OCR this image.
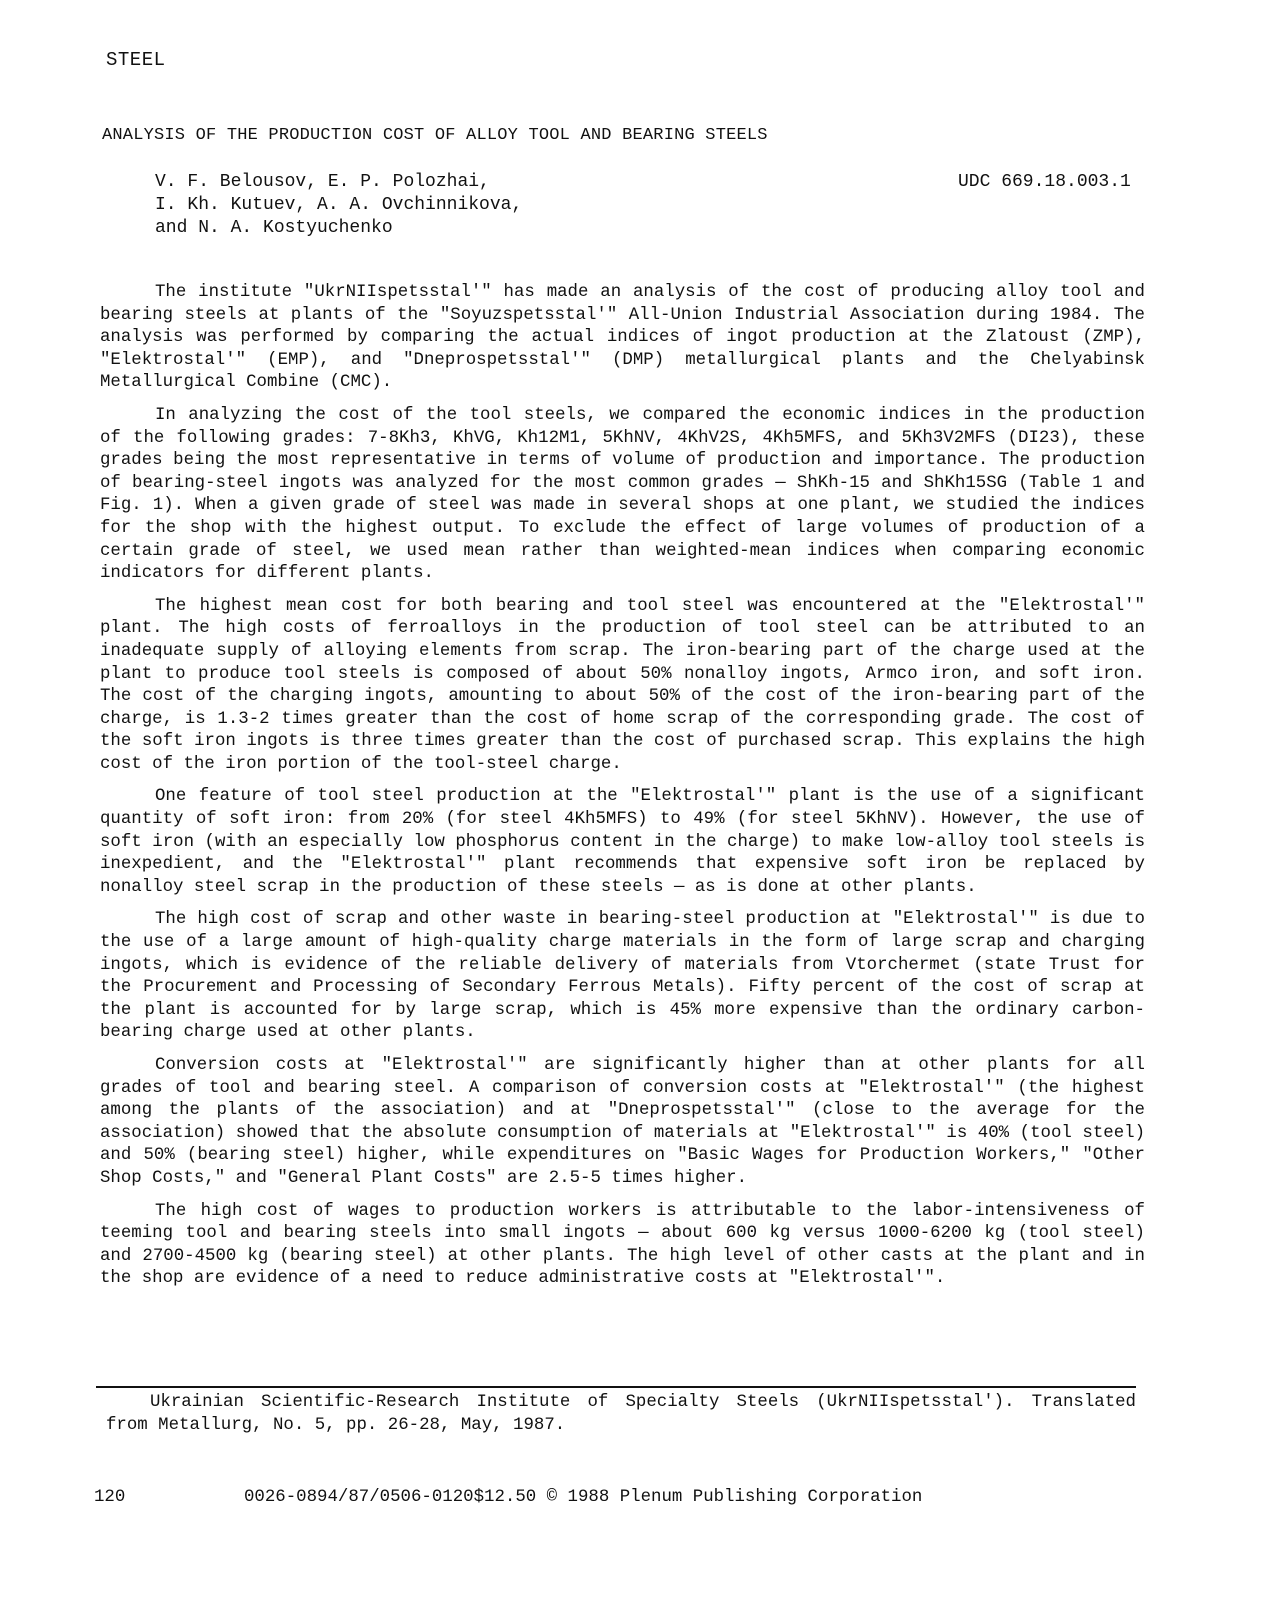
STEEL
ANALYSIS OF THE PRODUCTION COST OF ALLOY TOOL AND BEARING STEELS
V. F. Belousov, E. P. Polozhai,
I. Kh. Kutuev, A. A. Ovchinnikova,
and N. A. Kostyuchenko
UDC 669.18.003.1

The institute "UkrNIIspetsstal'" has made an analysis of the cost of producing alloy tool and bearing steels at plants of the "Soyuzspetsstal'" All-Union Industrial Association during 1984. The analysis was performed by comparing the actual indices of ingot production at the Zlatoust (ZMP), "Elektrostal'" (EMP), and "Dneprospetsstal'" (DMP) metallurgical plants and the Chelyabinsk Metallurgical Combine (CMC).

In analyzing the cost of the tool steels, we compared the economic indices in the production of the following grades: 7-8Kh3, KhVG, Kh12M1, 5KhNV, 4KhV2S, 4Kh5MFS, and 5Kh3V2MFS (DI23), these grades being the most representative in terms of volume of production and importance. The production of bearing-steel ingots was analyzed for the most common grades — ShKh-15 and ShKh15SG (Table 1 and Fig. 1). When a given grade of steel was made in several shops at one plant, we studied the indices for the shop with the highest output. To exclude the effect of large volumes of production of a certain grade of steel, we used mean rather than weighted-mean indices when comparing economic indicators for different plants.

The highest mean cost for both bearing and tool steel was encountered at the "Elektrostal'" plant. The high costs of ferroalloys in the production of tool steel can be attributed to an inadequate supply of alloying elements from scrap. The iron-bearing part of the charge used at the plant to produce tool steels is composed of about 50% nonalloy ingots, Armco iron, and soft iron. The cost of the charging ingots, amounting to about 50% of the cost of the iron-bearing part of the charge, is 1.3-2 times greater than the cost of home scrap of the corresponding grade. The cost of the soft iron ingots is three times greater than the cost of purchased scrap. This explains the high cost of the iron portion of the tool-steel charge.

One feature of tool steel production at the "Elektrostal'" plant is the use of a significant quantity of soft iron: from 20% (for steel 4Kh5MFS) to 49% (for steel 5KhNV). However, the use of soft iron (with an especially low phosphorus content in the charge) to make low-alloy tool steels is inexpedient, and the "Elektrostal'" plant recommends that expensive soft iron be replaced by nonalloy steel scrap in the production of these steels — as is done at other plants.

The high cost of scrap and other waste in bearing-steel production at "Elektrostal'" is due to the use of a large amount of high-quality charge materials in the form of large scrap and charging ingots, which is evidence of the reliable delivery of materials from Vtorchermet (state Trust for the Procurement and Processing of Secondary Ferrous Metals). Fifty percent of the cost of scrap at the plant is accounted for by large scrap, which is 45% more expensive than the ordinary carbon-bearing charge used at other plants.

Conversion costs at "Elektrostal'" are significantly higher than at other plants for all grades of tool and bearing steel. A comparison of conversion costs at "Elektrostal'" (the highest among the plants of the association) and at "Dneprospetsstal'" (close to the average for the association) showed that the absolute consumption of materials at "Elektrostal'" is 40% (tool steel) and 50% (bearing steel) higher, while expenditures on "Basic Wages for Production Workers," "Other Shop Costs," and "General Plant Costs" are 2.5-5 times higher.

The high cost of wages to production workers is attributable to the labor-intensiveness of teeming tool and bearing steels into small ingots — about 600 kg versus 1000-6200 kg (tool steel) and 2700-4500 kg (bearing steel) at other plants. The high level of other casts at the plant and in the shop are evidence of a need to reduce administrative costs at "Elektrostal'".

Ukrainian Scientific-Research Institute of Specialty Steels (UkrNIIspetsstal'). Translated from Metallurg, No. 5, pp. 26-28, May, 1987.
120	0026-0894/87/0506-0120$12.50 © 1988 Plenum Publishing Corporation
